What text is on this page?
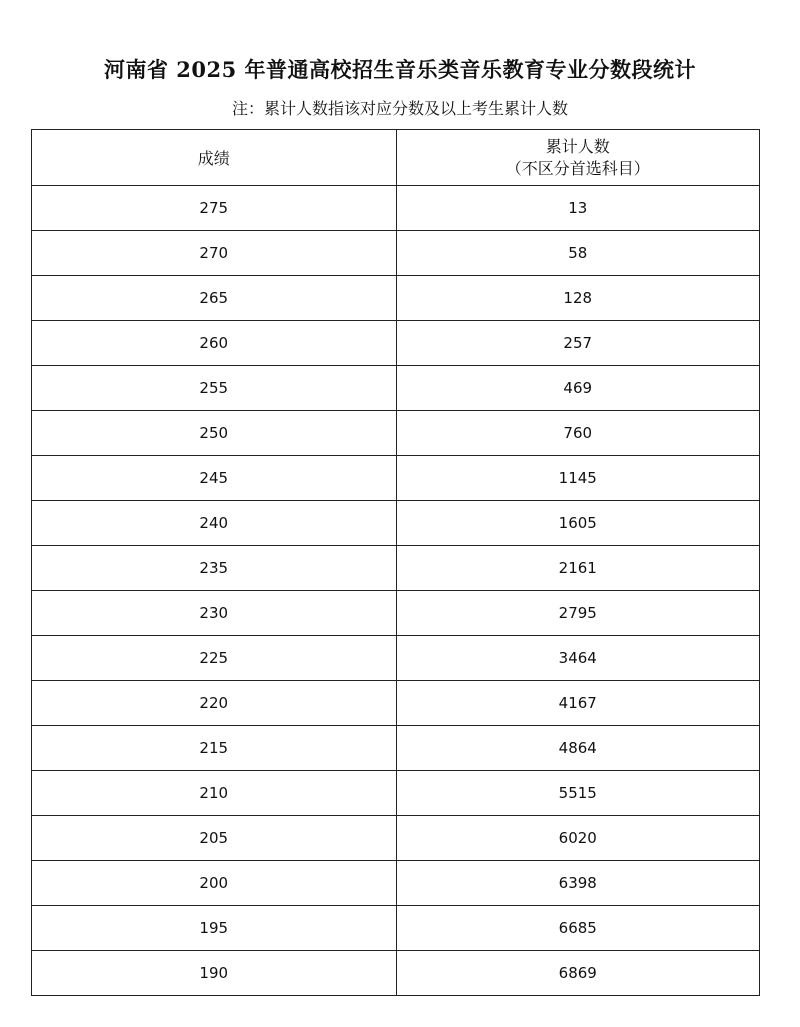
河南省 2025 年普通高校招生音乐类音乐教育专业分数段统计
注：累计人数指该对应分数及以上考生累计人数
成绩	累计人数
（不区分首选科目）

275	13
270	58
265	128
260	257
255	469
250	760
245	1145
240	1605
235	2161
230	2795
225	3464
220	4167
215	4864
210	5515
205	6020
200	6398
195	6685
190	6869
